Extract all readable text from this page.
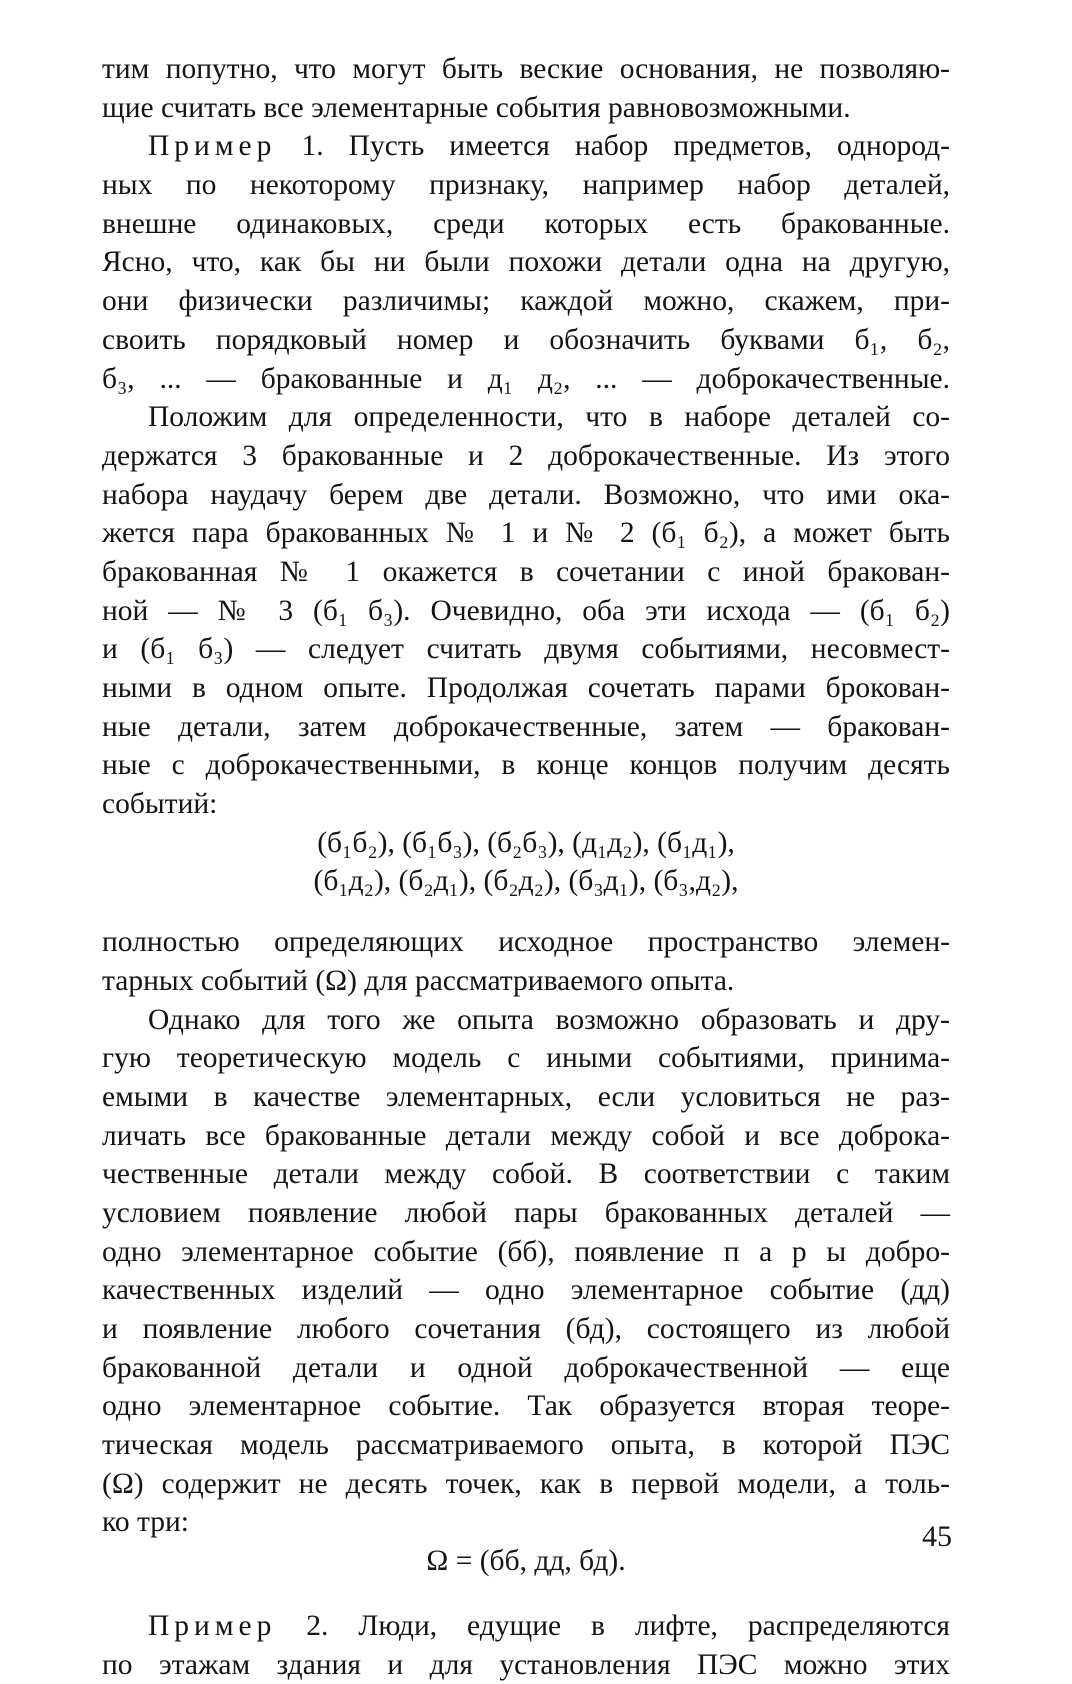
тим попутно, что могут быть веские основания, не позволяю-
щие считать все элементарные события равновозможными.
Пример 1. Пусть имеется набор предметов, однород-
ных по некоторому признаку, например набор деталей,
внешне одинаковых, среди которых есть бракованные.
Ясно, что, как бы ни были похожи детали одна на другую,
они физически различимы; каждой можно, скажем, при-
своить порядковый номер и обозначить буквами б₁, б₂,
б₃, ... — бракованные и д₁ д₂, ... — доброкачественные.
Положим для определенности, что в наборе деталей со-
держатся 3 бракованные и 2 доброкачественные. Из этого
набора наудачу берем две детали. Возможно, что ими ока-
жется пара бракованных № 1 и № 2 (б₁ б₂), а может быть
бракованная № 1 окажется в сочетании с иной бракован-
ной — № 3 (б₁ б₃). Очевидно, оба эти исхода — (б₁ б₂)
и (б₁ б₃) — следует считать двумя событиями, несовмест-
ными в одном опыте. Продолжая сочетать парами брокован-
ные детали, затем доброкачественные, затем — бракован-
ные с доброкачественными, в конце концов получим десять
событий:
(б₁б₂), (б₁б₃), (б₂б₃), (д₁д₂), (б₁д₁),
(б₁д₂), (б₂д₁), (б₂д₂), (б₃д₁), (б₃,д₂),
полностью определяющих исходное пространство элемен-
тарных событий (Ω) для рассматриваемого опыта.
Однако для того же опыта возможно образовать и дру-
гую теоретическую модель с иными событиями, принима-
емыми в качестве элементарных, если условиться не раз-
личать все бракованные детали между собой и все доброка-
чественные детали между собой. В соответствии с таким
условием появление любой пары бракованных деталей —
одно элементарное событие (бб), появление п а р ы добро-
качественных изделий — одно элементарное событие (дд)
и появление любого сочетания (бд), состоящего из любой
бракованной детали и одной доброкачественной — еще
одно элементарное событие. Так образуется вторая теоре-
тическая модель рассматриваемого опыта, в которой ПЭС
(Ω) содержит не десять точек, как в первой модели, а толь-
ко три:
Ω = (бб, дд, бд).
Пример 2. Люди, едущие в лифте, распределяются
по этажам здания и для установления ПЭС можно этих
45
